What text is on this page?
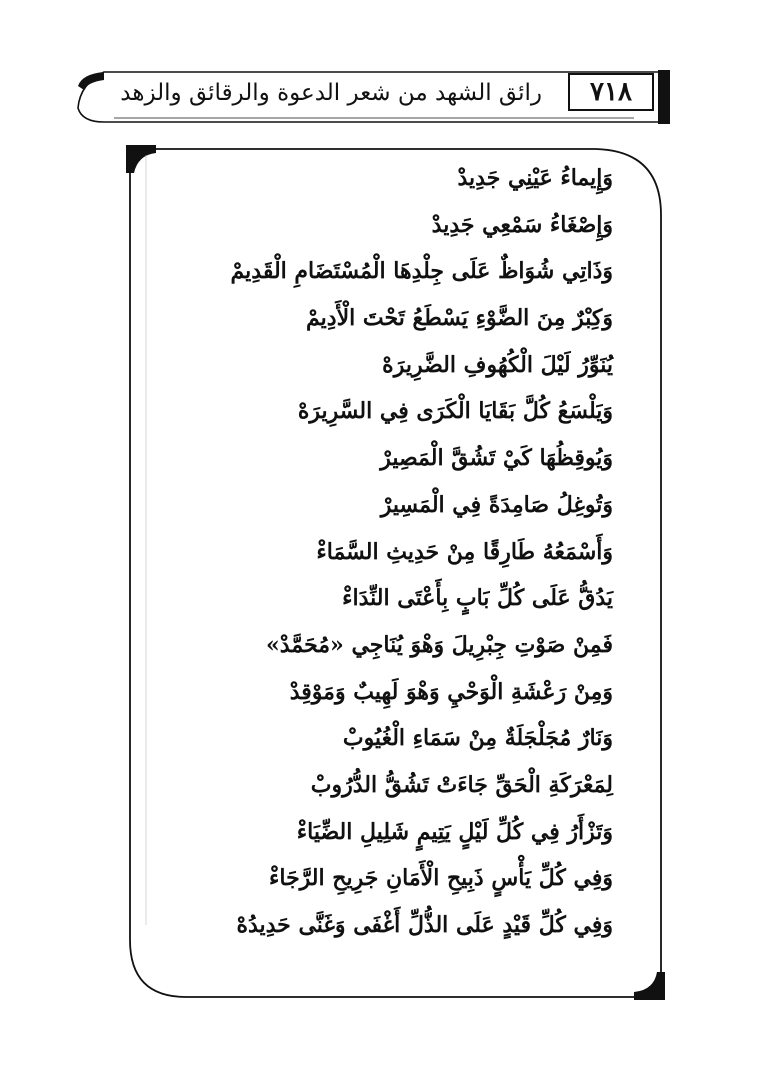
رائق الشهد من شعر الدعوة والرقائق والزهد	٧١٨
وَإِيماءُ عَيْنِي جَدِيدْ
وَإِصْغَاءُ سَمْعِي جَدِيدْ
وَذَاتِي شُوَاظٌ عَلَى جِلْدِهَا الْمُسْتَضَامِ الْقَدِيمْ
وَكِبْرٌ مِنَ الضَّوْءِ يَسْطَعُ تَحْتَ الْأَدِيمْ
يُنَوِّرُ لَيْلَ الْكُهُوفِ الضَّرِيرَهْ
وَيَلْسَعُ كُلَّ بَقَايَا الْكَرَى فِي السَّرِيرَهْ
وَيُوقِظُهَا كَيْ تَشُقَّ الْمَصِيرْ
وَتُوغِلُ صَامِدَةً فِي الْمَسِيرْ
وَأَسْمَعُهُ طَارِقًا مِنْ حَدِيثِ السَّمَاءْ
يَدُقُّ عَلَى كُلِّ بَابٍ بِأَعْتَى النِّدَاءْ
فَمِنْ صَوْتِ جِبْرِيلَ وَهْوَ يُنَاجِي «مُحَمَّدْ»
وَمِنْ رَعْشَةِ الْوَحْيِ وَهْوَ لَهِيبٌ وَمَوْقِدْ
وَنَارٌ مُجَلْجَلَةٌ مِنْ سَمَاءِ الْغُيُوبْ
لِمَعْرَكَةِ الْحَقِّ جَاءَتْ تَشُقُّ الدُّرُوبْ
وَتَزْأَرُ فِي كُلِّ لَيْلٍ يَتِيمٍ شَلِيلِ الضِّيَاءْ
وَفِي كُلِّ يَأْسٍ ذَبِيحِ الْأَمَانِ جَرِيحِ الرَّجَاءْ
وَفِي كُلِّ قَيْدٍ عَلَى الذُّلِّ أَغْفَى وَغَنَّى حَدِيدُهْ
